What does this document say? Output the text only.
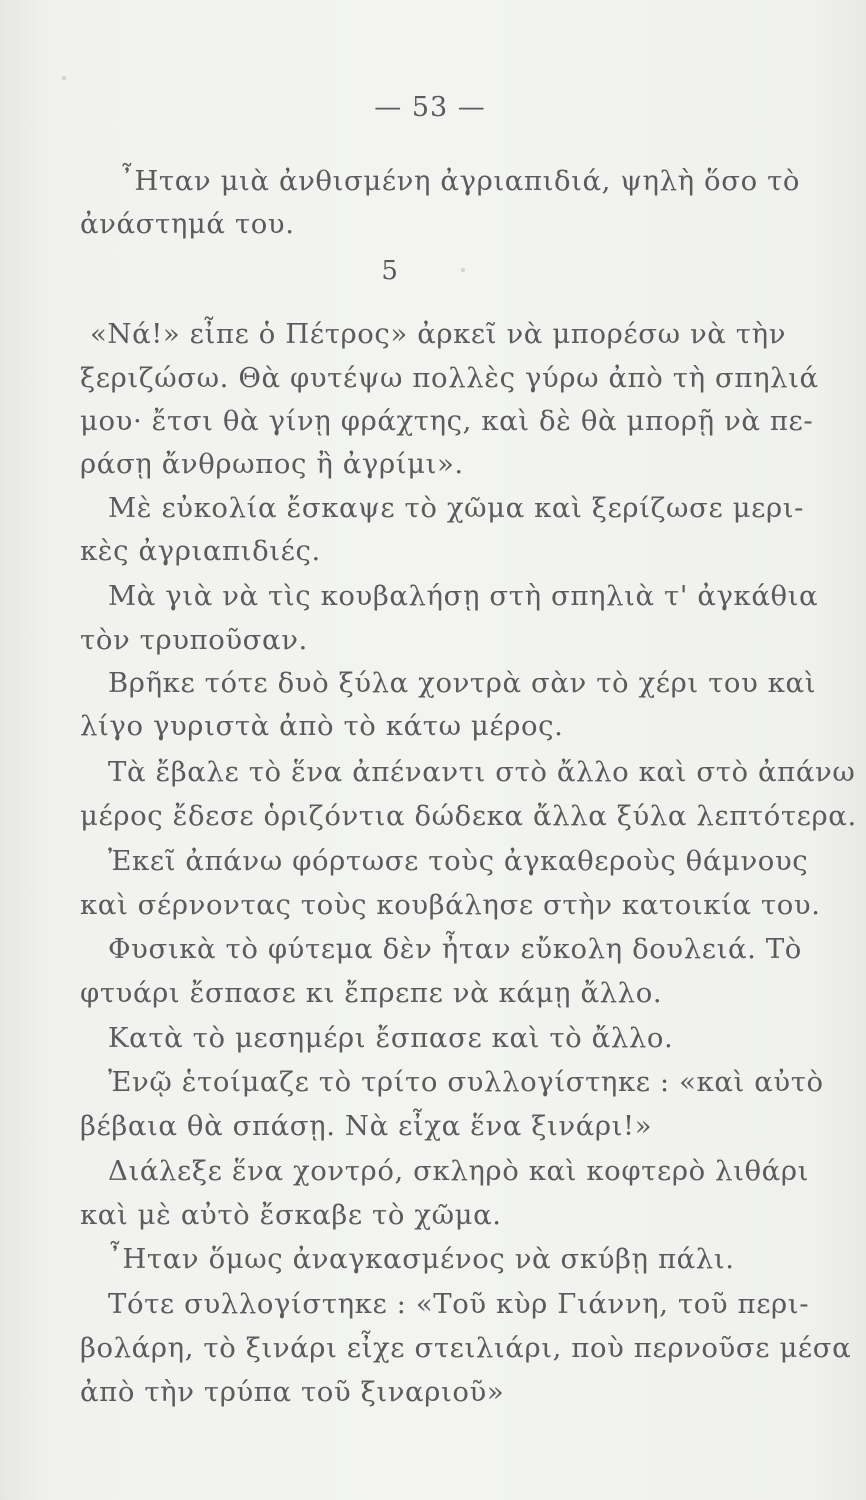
— 53 —
῏Ηταν μιὰ ἀνθισμένη ἀγριαπιδιά, ψηλὴ ὅσο τὸ
ἀνάστημά του.
5
«Νά!» εἶπε ὁ Πέτρος» ἀρκεῖ νὰ μπορέσω νὰ τὴν
ξεριζώσω. Θὰ φυτέψω πολλὲς γύρω ἀπὸ τὴ σπηλιά
μου· ἔτσι θὰ γίνῃ φράχτης, καὶ δὲ θὰ μπορῇ νὰ πε-
ράσῃ ἄνθρωπος ἢ ἀγρίμι».
Μὲ εὐκολία ἔσκαψε τὸ χῶμα καὶ ξερίζωσε μερι-
κὲς ἀγριαπιδιές.
Μὰ γιὰ νὰ τὶς κουβαλήσῃ στὴ σπηλιὰ τ' ἀγκάθια
τὸν τρυποῦσαν.
Βρῆκε τότε δυὸ ξύλα χοντρὰ σὰν τὸ χέρι του καὶ
λίγο γυριστὰ ἀπὸ τὸ κάτω μέρος.
Τὰ ἔβαλε τὸ ἕνα ἀπέναντι στὸ ἄλλο καὶ στὸ ἀπάνω
μέρος ἔδεσε ὁριζόντια δώδεκα ἄλλα ξύλα λεπτότερα.
Ἐκεῖ ἀπάνω φόρτωσε τοὺς ἀγκαθεροὺς θάμνους
καὶ σέρνοντας τοὺς κουβάλησε στὴν κατοικία του.
Φυσικὰ τὸ φύτεμα δὲν ἦταν εὔκολη δουλειά. Τὸ
φτυάρι ἔσπασε κι ἔπρεπε νὰ κάμῃ ἄλλο.
Κατὰ τὸ μεσημέρι ἔσπασε καὶ τὸ ἄλλο.
Ἐνῷ ἑτοίμαζε τὸ τρίτο συλλογίστηκε : «καὶ αὐτὸ
βέβαια θὰ σπάσῃ. Νὰ εἶχα ἕνα ξινάρι!»
Διάλεξε ἕνα χοντρό, σκληρὸ καὶ κοφτερὸ λιθάρι
καὶ μὲ αὐτὸ ἔσκαβε τὸ χῶμα.
῏Ηταν ὅμως ἀναγκασμένος νὰ σκύβῃ πάλι.
Τότε συλλογίστηκε : «Τοῦ κὺρ Γιάννη, τοῦ περι-
βολάρη, τὸ ξινάρι εἶχε στειλιάρι, ποὺ περνοῦσε μέσα
ἀπὸ τὴν τρύπα τοῦ ξιναριοῦ»
